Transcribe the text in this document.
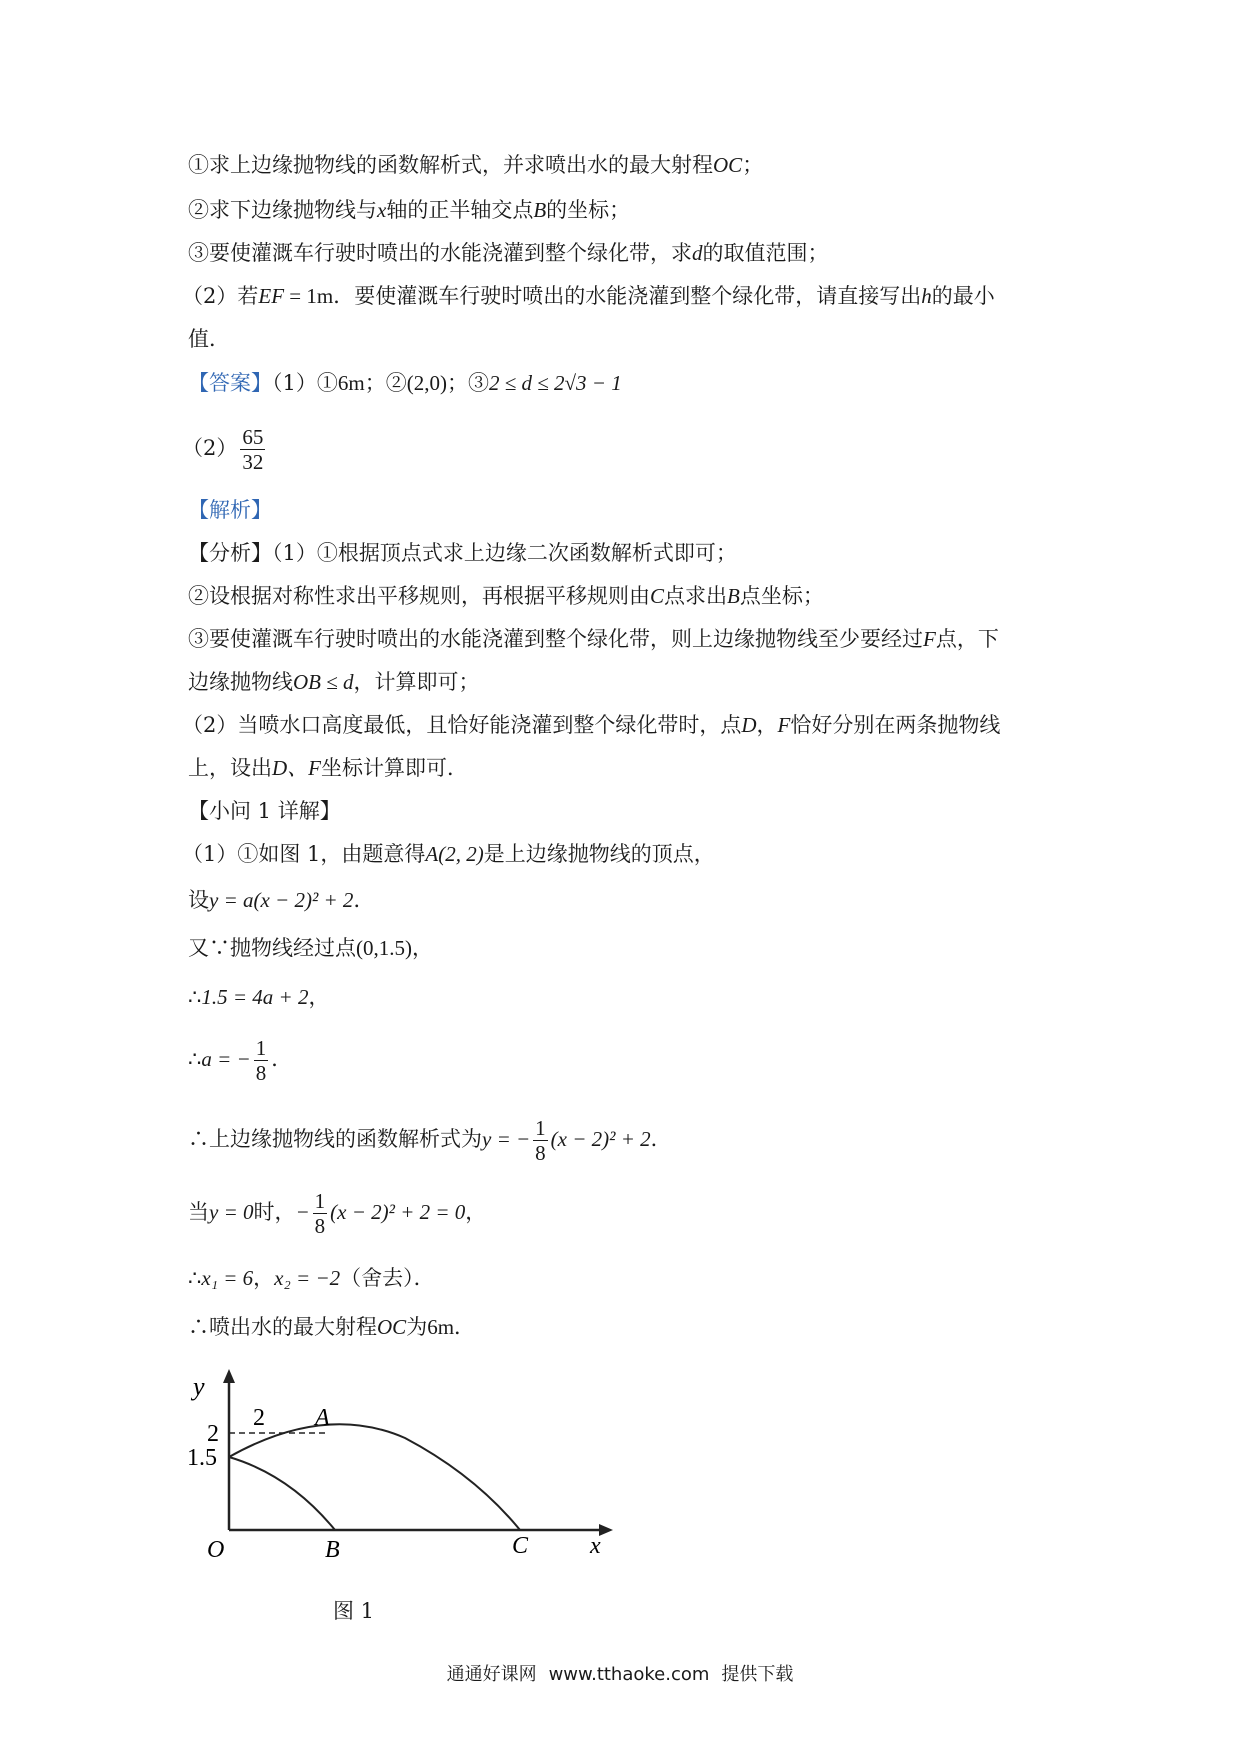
①求上边缘抛物线的函数解析式，并求喷出水的最大射程OC；
②求下边缘抛物线与x轴的正半轴交点B的坐标；
③要使灌溉车行驶时喷出的水能浇灌到整个绿化带，求d的取值范围；
（2）若EF = 1m．要使灌溉车行驶时喷出的水能浇灌到整个绿化带，请直接写出h的最小
值．
【答案】（1）①6m；②(2,0)；③2 ≤ d ≤ 2√3 − 1
$(2) \frac{65}{32}$
【解析】
【分析】（1）①根据顶点式求上边缘二次函数解析式即可；
②设根据对称性求出平移规则，再根据平移规则由C点求出B点坐标；
③要使灌溉车行驶时喷出的水能浇灌到整个绿化带，则上边缘抛物线至少要经过F点，下
边缘抛物线OB ≤ d，计算即可；
（2）当喷水口高度最低，且恰好能浇灌到整个绿化带时，点D，F恰好分别在两条抛物线
上，设出D、F坐标计算即可．
【小问 1 详解】
（1）①如图 1，由题意得A(2, 2)是上边缘抛物线的顶点，
设y = a(x − 2)² + 2．
又∵抛物线经过点(0,1.5)，
∴1.5 = 4a + 2，
∴a = − $\frac{1}{8}$ ．
∴上边缘抛物线的函数解析式为y = − $\frac{1}{8} (x - 2)^2 + 2$．
当y = 0时，− $\frac{1}{8} (x - 2)^2 + 2 = 0$，
∴x₁ = 6，x₂ = −2（舍去）．
∴喷出水的最大射程OC为6m．
y
2 A
2
1.5
O	B	C	x
图 1
通通好课网 www.tthaoke.com 提供下载
